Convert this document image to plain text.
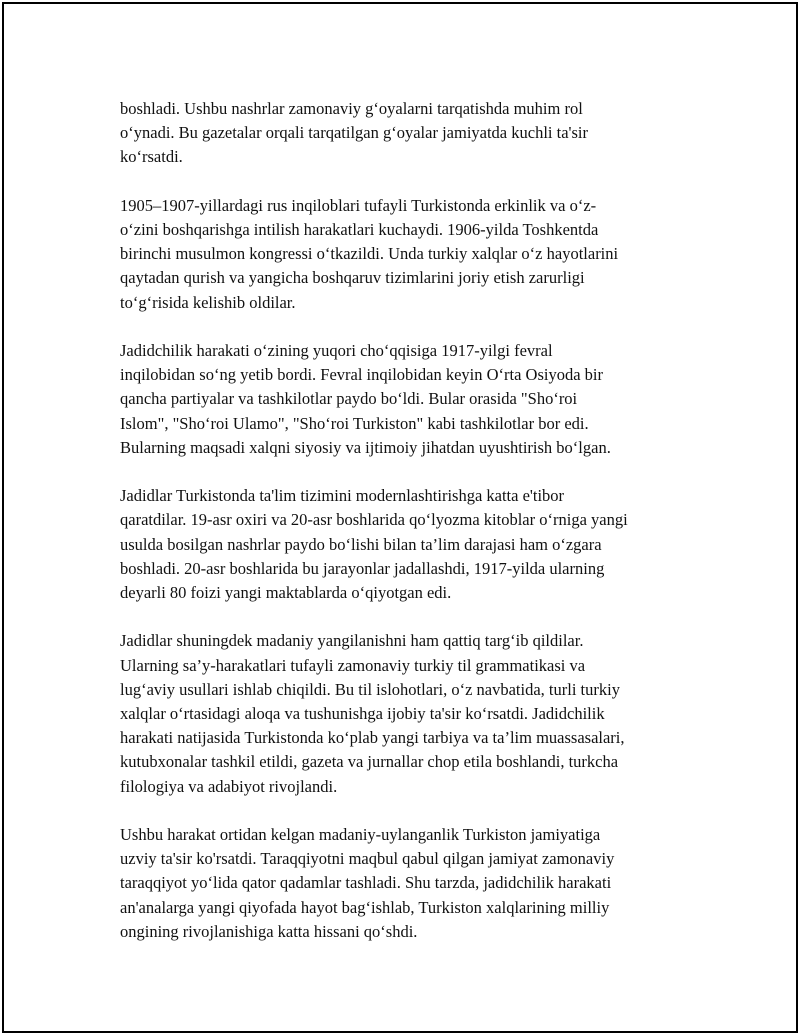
boshladi. Ushbu nashrlar zamonaviy g‘oyalarni tarqatishda muhim rol
o‘ynadi. Bu gazetalar orqali tarqatilgan g‘oyalar jamiyatda kuchli ta'sir
ko‘rsatdi.
1905–1907-yillardagi rus inqiloblari tufayli Turkistonda erkinlik va o‘z-
o‘zini boshqarishga intilish harakatlari kuchaydi. 1906-yilda Toshkentda
birinchi musulmon kongressi o‘tkazildi. Unda turkiy xalqlar o‘z hayotlarini
qaytadan qurish va yangicha boshqaruv tizimlarini joriy etish zarurligi
to‘g‘risida kelishib oldilar.
Jadidchilik harakati o‘zining yuqori cho‘qqisiga 1917-yilgi fevral
inqilobidan so‘ng yetib bordi. Fevral inqilobidan keyin O‘rta Osiyoda bir
qancha partiyalar va tashkilotlar paydo bo‘ldi. Bular orasida "Sho‘roi
Islom", "Sho‘roi Ulamo", "Sho‘roi Turkiston" kabi tashkilotlar bor edi.
Bularning maqsadi xalqni siyosiy va ijtimoiy jihatdan uyushtirish bo‘lgan.
Jadidlar Turkistonda ta'lim tizimini modernlashtirishga katta e'tibor
qaratdilar. 19-asr oxiri va 20-asr boshlarida qo‘lyozma kitoblar o‘rniga yangi
usulda bosilgan nashrlar paydo bo‘lishi bilan ta’lim darajasi ham o‘zgara
boshladi. 20-asr boshlarida bu jarayonlar jadallashdi, 1917-yilda ularning
deyarli 80 foizi yangi maktablarda o‘qiyotgan edi.
Jadidlar shuningdek madaniy yangilanishni ham qattiq targ‘ib qildilar.
Ularning sa’y-harakatlari tufayli zamonaviy turkiy til grammatikasi va
lug‘aviy usullari ishlab chiqildi. Bu til islohotlari, o‘z navbatida, turli turkiy
xalqlar o‘rtasidagi aloqa va tushunishga ijobiy ta'sir ko‘rsatdi. Jadidchilik
harakati natijasida Turkistonda ko‘plab yangi tarbiya va ta’lim muassasalari,
kutubxonalar tashkil etildi, gazeta va jurnallar chop etila boshlandi, turkcha
filologiya va adabiyot rivojlandi.
Ushbu harakat ortidan kelgan madaniy-uylanganlik Turkiston jamiyatiga
uzviy ta'sir ko'rsatdi. Taraqqiyotni maqbul qabul qilgan jamiyat zamonaviy
taraqqiyot yo‘lida qator qadamlar tashladi. Shu tarzda, jadidchilik harakati
an'analarga yangi qiyofada hayot bag‘ishlab, Turkiston xalqlarining milliy
ongining rivojlanishiga katta hissani qo‘shdi.
